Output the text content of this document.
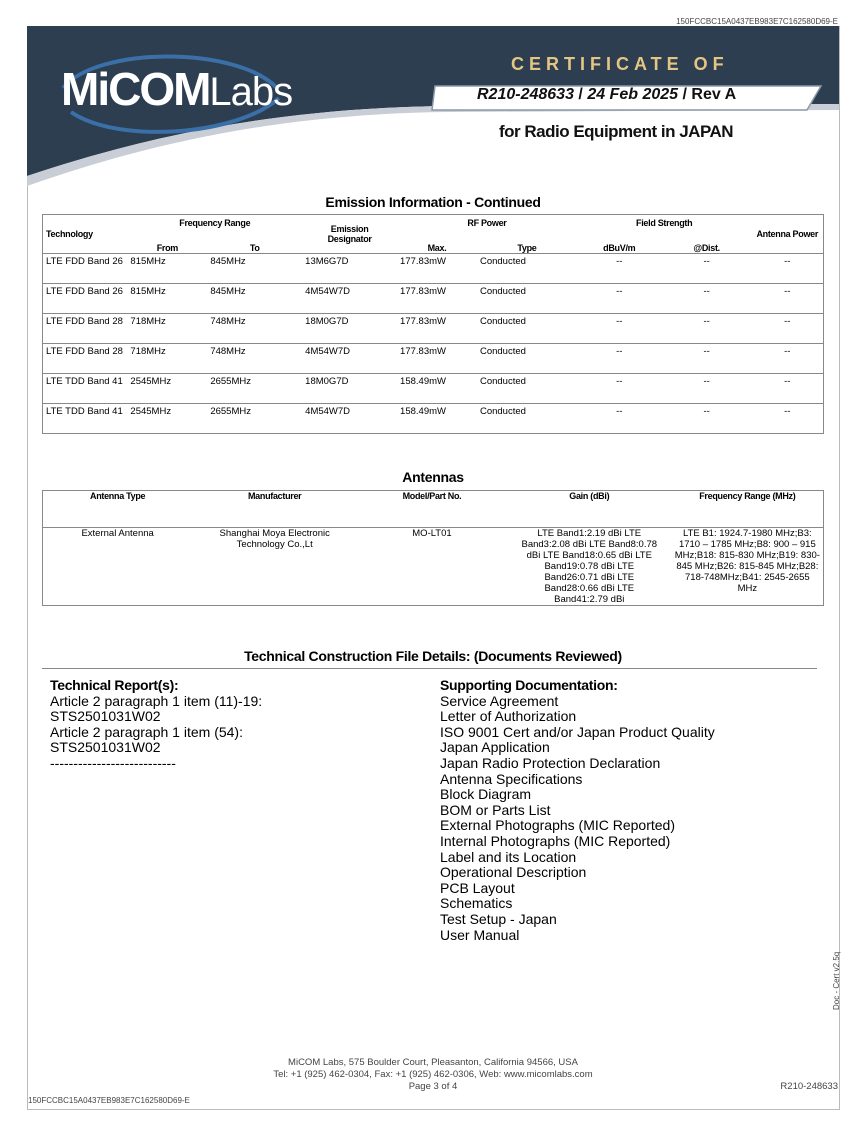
150FCCBC15A0437EB983E7C162580D69-E
MiCOMLabs
CERTIFICATE OF
R210-248633 / 24 Feb 2025 / Rev A
for Radio Equipment in JAPAN
Emission Information - Continued
Technology	Frequency Range		Emission
Designator	RF Power		Field Strength		Antenna Power
	From	To		Max.	Type	dBuV/m	@Dist.	
LTE FDD Band 26	815MHz	845MHz	13M6G7D	177.83mW	Conducted	--	--	--
LTE FDD Band 26	815MHz	845MHz	4M54W7D	177.83mW	Conducted	--	--	--
LTE FDD Band 28	718MHz	748MHz	18M0G7D	177.83mW	Conducted	--	--	--
LTE FDD Band 28	718MHz	748MHz	4M54W7D	177.83mW	Conducted	--	--	--
LTE TDD Band 41	2545MHz	2655MHz	18M0G7D	158.49mW	Conducted	--	--	--
LTE TDD Band 41	2545MHz	2655MHz	4M54W7D	158.49mW	Conducted	--	--	--
Antennas
Antenna Type	Manufacturer	Model/Part No.	Gain (dBi)	Frequency Range (MHz)
External Antenna	Shanghai Moya Electronic Technology Co.,Lt	MO-LT01	LTE Band1:2.19 dBi LTE Band3:2.08 dBi LTE Band8:0.78 dBi LTE Band18:0.65 dBi LTE Band19:0.78 dBi LTE Band26:0.71 dBi LTE Band28:0.66 dBi LTE Band41:2.79 dBi	LTE B1: 1924.7-1980 MHz;B3: 1710 – 1785 MHz;B8: 900 – 915 MHz;B18: 815-830 MHz;B19: 830-845 MHz;B26: 815-845 MHz;B28: 718-748MHz;B41: 2545-2655 MHz
Technical Construction File Details: (Documents Reviewed)
Technical Report(s):
Article 2 paragraph 1 item (11)-19:
STS2501031W02
Article 2 paragraph 1 item (54):
STS2501031W02
---------------------------
Supporting Documentation:
Service Agreement
Letter of Authorization
ISO 9001 Cert and/or Japan Product Quality
Japan Application
Japan Radio Protection Declaration
Antenna Specifications
Block Diagram
BOM or Parts List
External Photographs (MIC Reported)
Internal Photographs (MIC Reported)
Label and its Location
Operational Description
PCB Layout
Schematics
Test Setup - Japan
User Manual
Doc - Cert v2.5q
MiCOM Labs, 575 Boulder Court, Pleasanton, California 94566, USA
Tel: +1 (925) 462-0304, Fax: +1 (925) 462-0306, Web: www.micomlabs.com
Page 3 of 4	R210-248633
150FCCBC15A0437EB983E7C162580D69-E
